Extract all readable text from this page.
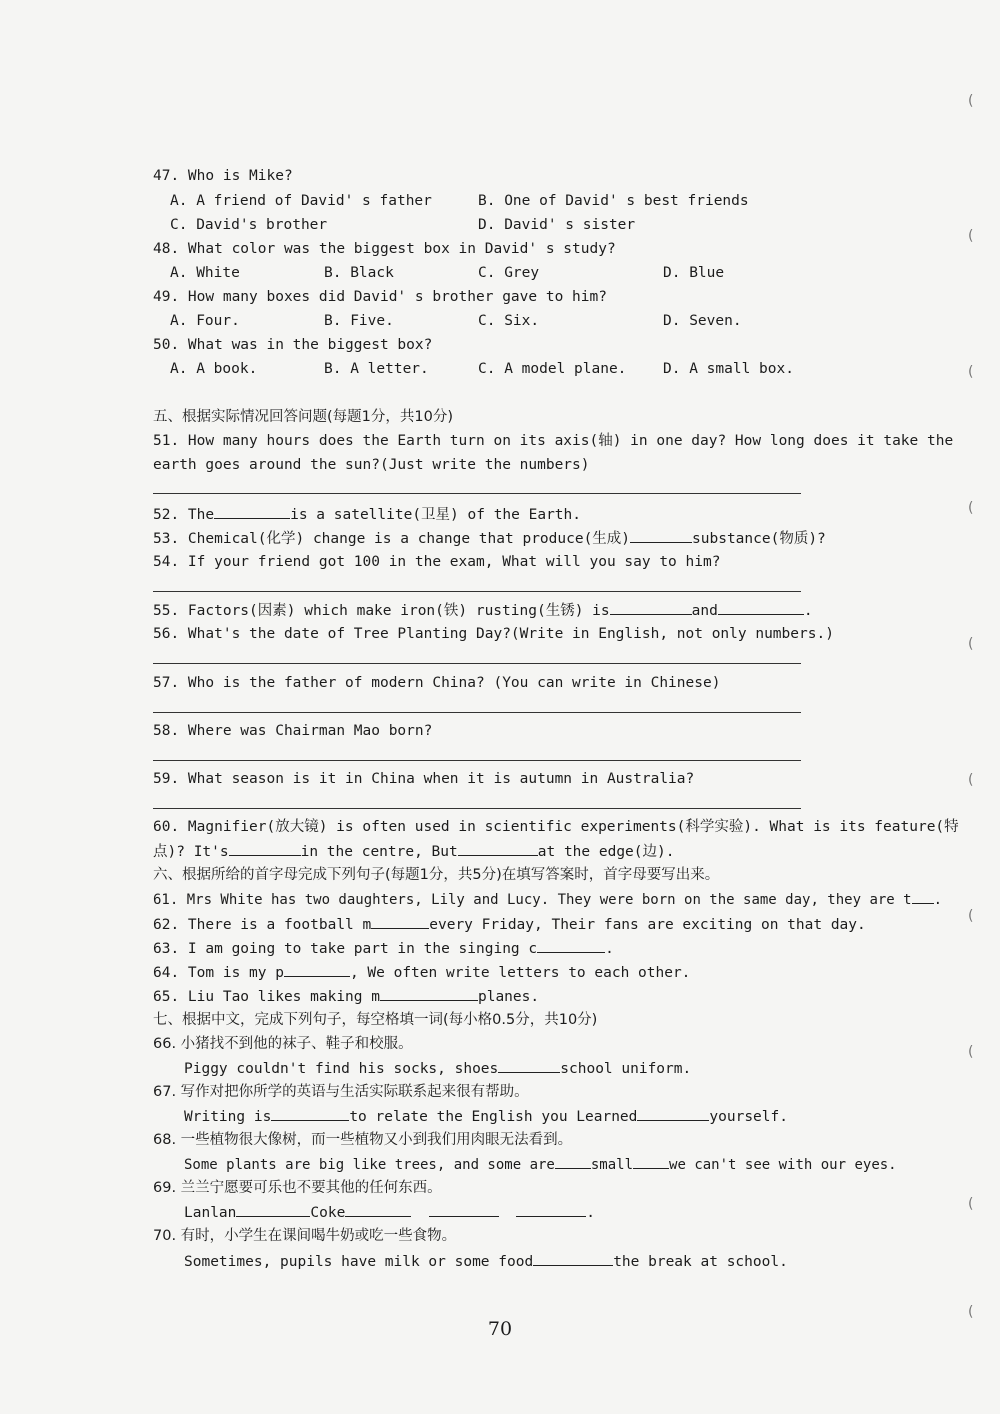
47. Who is Mike?
A. A friend of David' s father	B. One of David' s best friends
C. David's brother	D. David' s sister
48. What color was the biggest box in David' s study?
A. White	B. Black	C. Grey	D. Blue
49. How many boxes did David' s brother gave to him?
A. Four.	B. Five.	C. Six.	D. Seven.
50. What was in the biggest box?
A. A book.	B. A letter.	C. A model plane.	D. A small box.
五、根据实际情况回答问题(每题1分，共10分)
51. How many hours does the Earth turn on its axis(轴) in one day? How long does it take the
earth goes around the sun?(Just write the numbers)
52. The	is a satellite(卫星) of the Earth.
53. Chemical(化学) change is a change that produce(生成)	substance(物质)?
54. If your friend got 100 in the exam, What will you say to him?
55. Factors(因素) which make iron(铁) rusting(生锈) is	and	.
56. What's the date of Tree Planting Day?(Write in English, not only numbers.)
57. Who is the father of modern China? (You can write in Chinese)
58. Where was Chairman Mao born?
59. What season is it in China when it is autumn in Australia?
60. Magnifier(放大镜) is often used in scientific experiments(科学实验). What is its feature(特
点)? It's	in the centre, But	at the edge(边).
六、根据所给的首字母完成下列句子(每题1分，共5分)在填写答案时，首字母要写出来。
61. Mrs White has two daughters, Lily and Lucy. They were born on the same day, they are t .
62. There is a football m	every Friday, Their fans are exciting on that day.
63. I am going to take part in the singing c	.
64. Tom is my p	, We often write letters to each other.
65. Liu Tao likes making m	planes.
七、根据中文，完成下列句子，每空格填一词(每小格0.5分，共10分)
66. 小猪找不到他的袜子、鞋子和校服。
Piggy couldn't find his socks, shoes	school uniform.
67. 写作对把你所学的英语与生活实际联系起来很有帮助。
Writing is	to relate the English you Learned	yourself.
68. 一些植物很大像树，而一些植物又小到我们用肉眼无法看到。
Some plants are big like trees, and some are	small	we can't see with our eyes.
69. 兰兰宁愿要可乐也不要其他的任何东西。
Lanlan	Coke	.
70. 有时，小学生在课间喝牛奶或吃一些食物。
Sometimes, pupils have milk or some food	the break at school.
70
(
(
(
(
(
(
(
(
(
(
